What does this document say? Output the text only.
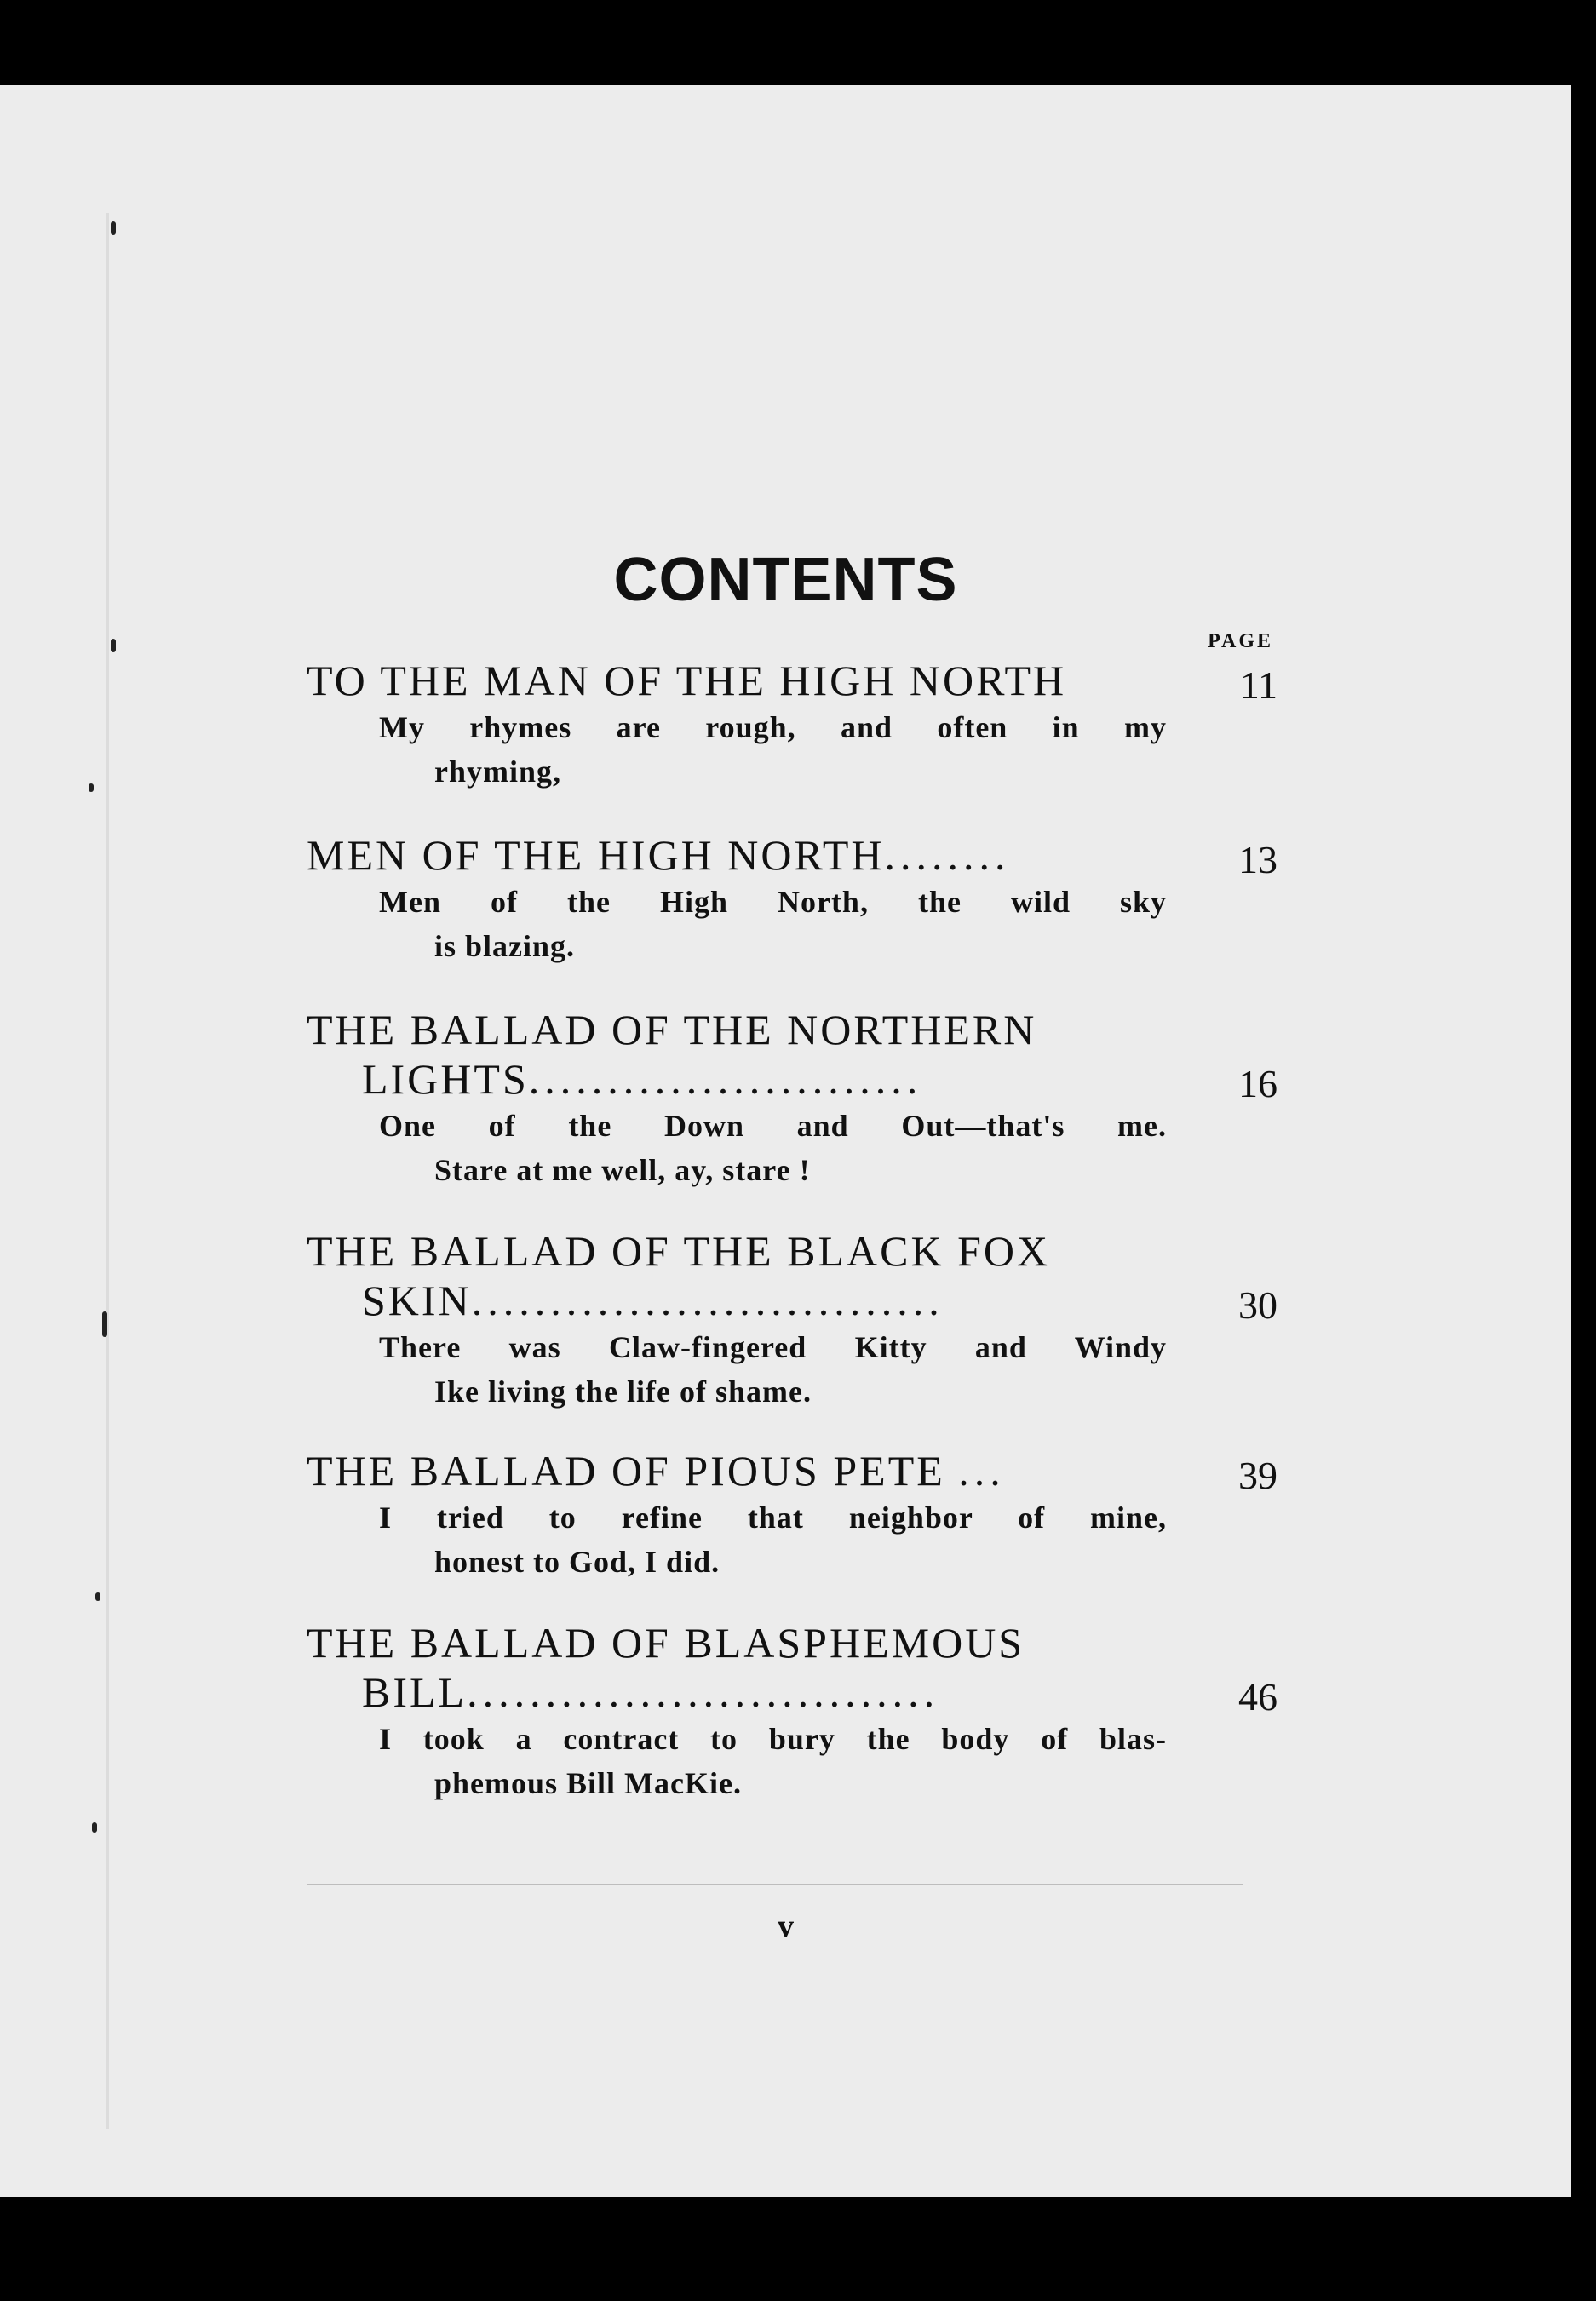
CONTENTS
PAGE
TO THE MAN OF THE HIGH NORTH	11
My rhymes are rough, and often in my
rhyming,
MEN OF THE HIGH NORTH........	13
Men of the High North, the wild sky
is blazing.
THE BALLAD OF THE NORTHERN
LIGHTS.........................	16
One of the Down and Out—that's me.
Stare at me well, ay, stare !
THE BALLAD OF THE BLACK FOX
SKIN..............................	30
There was Claw-fingered Kitty and Windy
Ike living the life of shame.
THE BALLAD OF PIOUS PETE ...	39
I tried to refine that neighbor of mine,
honest to God, I did.
THE BALLAD OF BLASPHEMOUS
BILL..............................	46
I took a contract to bury the body of blas-
phemous Bill MacKie.
v
